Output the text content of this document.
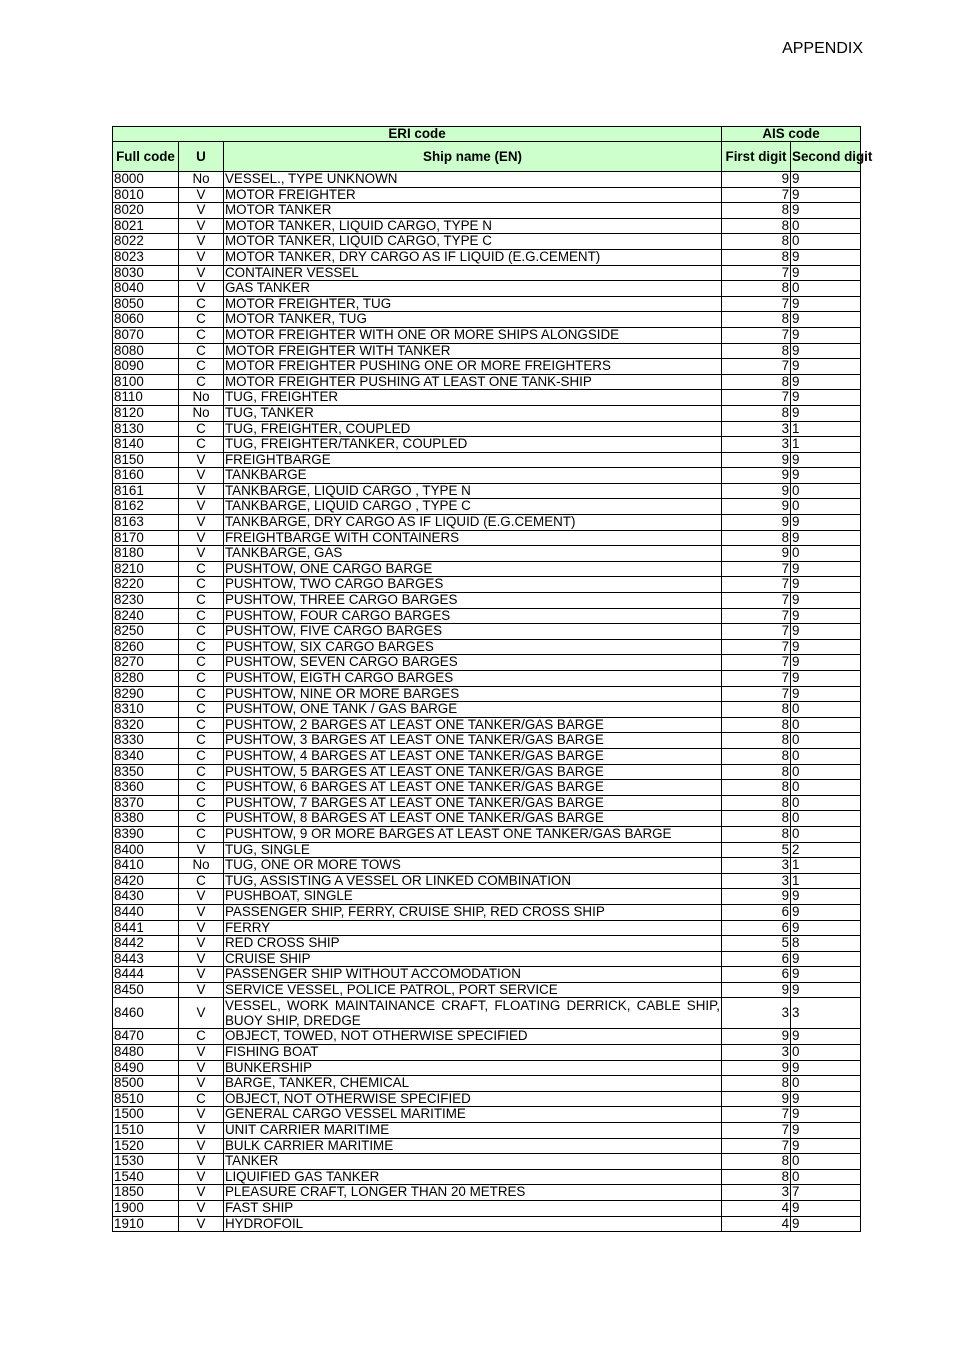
APPENDIX
ERI code			AIS code	
Full code	U	Ship name (EN)	First digit	Second digit
8000	No	VESSEL., TYPE UNKNOWN	9	9
8010	V	MOTOR FREIGHTER	7	9
8020	V	MOTOR TANKER	8	9
8021	V	MOTOR TANKER, LIQUID CARGO, TYPE N	8	0
8022	V	MOTOR TANKER, LIQUID CARGO, TYPE C	8	0
8023	V	MOTOR TANKER, DRY CARGO AS IF LIQUID (E.G.CEMENT)	8	9
8030	V	CONTAINER VESSEL	7	9
8040	V	GAS TANKER	8	0
8050	C	MOTOR FREIGHTER, TUG	7	9
8060	C	MOTOR TANKER, TUG	8	9
8070	C	MOTOR FREIGHTER WITH ONE OR MORE SHIPS ALONGSIDE	7	9
8080	C	MOTOR FREIGHTER WITH TANKER	8	9
8090	C	MOTOR FREIGHTER PUSHING ONE OR MORE FREIGHTERS	7	9
8100	C	MOTOR FREIGHTER PUSHING AT LEAST ONE TANK-SHIP	8	9
8110	No	TUG, FREIGHTER	7	9
8120	No	TUG, TANKER	8	9
8130	C	TUG, FREIGHTER, COUPLED	3	1
8140	C	TUG, FREIGHTER/TANKER, COUPLED	3	1
8150	V	FREIGHTBARGE	9	9
8160	V	TANKBARGE	9	9
8161	V	TANKBARGE, LIQUID CARGO , TYPE N	9	0
8162	V	TANKBARGE, LIQUID CARGO , TYPE C	9	0
8163	V	TANKBARGE, DRY CARGO AS IF LIQUID (E.G.CEMENT)	9	9
8170	V	FREIGHTBARGE WITH CONTAINERS	8	9
8180	V	TANKBARGE, GAS	9	0
8210	C	PUSHTOW, ONE CARGO BARGE	7	9
8220	C	PUSHTOW, TWO CARGO BARGES	7	9
8230	C	PUSHTOW, THREE CARGO BARGES	7	9
8240	C	PUSHTOW, FOUR CARGO BARGES	7	9
8250	C	PUSHTOW, FIVE CARGO BARGES	7	9
8260	C	PUSHTOW, SIX CARGO BARGES	7	9
8270	C	PUSHTOW, SEVEN CARGO BARGES	7	9
8280	C	PUSHTOW, EIGTH CARGO BARGES	7	9
8290	C	PUSHTOW, NINE OR MORE BARGES	7	9
8310	C	PUSHTOW, ONE TANK / GAS BARGE	8	0
8320	C	PUSHTOW, 2 BARGES AT LEAST ONE TANKER/GAS BARGE	8	0
8330	C	PUSHTOW, 3 BARGES AT LEAST ONE TANKER/GAS BARGE	8	0
8340	C	PUSHTOW, 4 BARGES AT LEAST ONE TANKER/GAS BARGE	8	0
8350	C	PUSHTOW, 5 BARGES AT LEAST ONE TANKER/GAS BARGE	8	0
8360	C	PUSHTOW, 6 BARGES AT LEAST ONE TANKER/GAS BARGE	8	0
8370	C	PUSHTOW, 7 BARGES AT LEAST ONE TANKER/GAS BARGE	8	0
8380	C	PUSHTOW, 8 BARGES AT LEAST ONE TANKER/GAS BARGE	8	0
8390	C	PUSHTOW, 9 OR MORE BARGES AT LEAST ONE TANKER/GAS BARGE	8	0
8400	V	TUG, SINGLE	5	2
8410	No	TUG, ONE OR MORE TOWS	3	1
8420	C	TUG, ASSISTING A VESSEL OR LINKED COMBINATION	3	1
8430	V	PUSHBOAT, SINGLE	9	9
8440	V	PASSENGER SHIP, FERRY, CRUISE SHIP, RED CROSS SHIP	6	9
8441	V	FERRY	6	9
8442	V	RED CROSS SHIP	5	8
8443	V	CRUISE SHIP	6	9
8444	V	PASSENGER SHIP WITHOUT ACCOMODATION	6	9
8450	V	SERVICE VESSEL, POLICE PATROL, PORT SERVICE	9	9
8460	V	VESSEL, WORK MAINTAINANCE CRAFT, FLOATING DERRICK, CABLE SHIP, BUOY SHIP, DREDGE	3	3
8470	C	OBJECT, TOWED, NOT OTHERWISE SPECIFIED	9	9
8480	V	FISHING BOAT	3	0
8490	V	BUNKERSHIP	9	9
8500	V	BARGE, TANKER, CHEMICAL	8	0
8510	C	OBJECT, NOT OTHERWISE SPECIFIED	9	9
1500	V	GENERAL CARGO VESSEL MARITIME	7	9
1510	V	UNIT CARRIER MARITIME	7	9
1520	V	BULK CARRIER MARITIME	7	9
1530	V	TANKER	8	0
1540	V	LIQUIFIED GAS TANKER	8	0
1850	V	PLEASURE CRAFT, LONGER THAN 20 METRES	3	7
1900	V	FAST SHIP	4	9
1910	V	HYDROFOIL	4	9
